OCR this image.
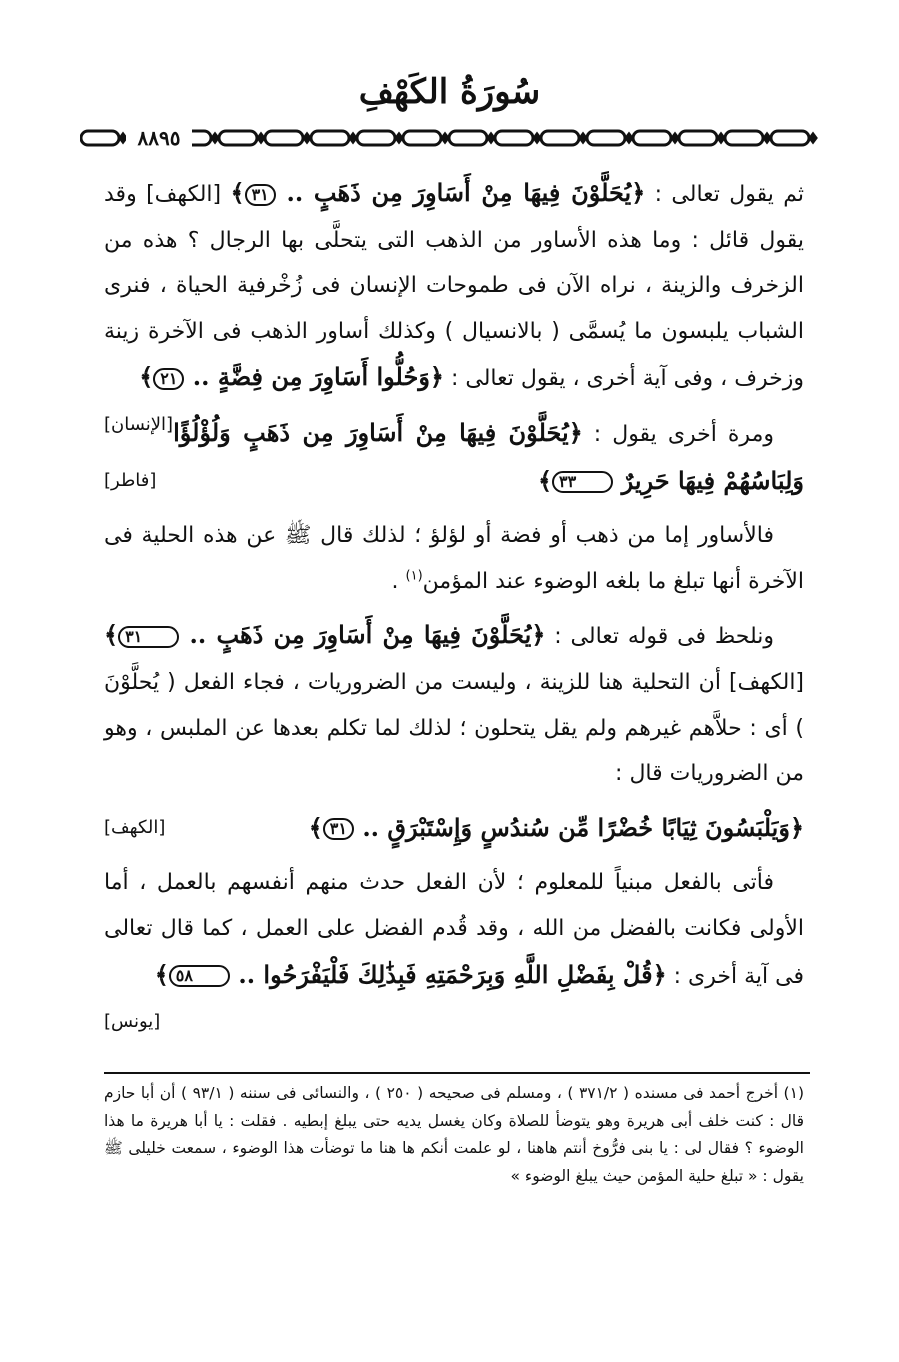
سُورَةُ الكَهْفِ
٨٨٩٥

ثم يقول تعالى : ﴿يُحَلَّوْنَ فِيهَا مِنْ أَسَاوِرَ مِن ذَهَبٍ .. ٣١﴾ [الكهف] وقد يقول قائل : وما هذه الأساور من الذهب التى يتحلَّى بها الرجال ؟ هذه من الزخرف والزينة ، نراه الآن فى طموحات الإنسان فى زُخْرفية الحياة ، فنرى الشباب يلبسون ما يُسمَّى ( بالانسيال ) وكذلك أساور الذهب فى الآخرة زينة وزخرف ، وفى آية أخرى ، يقول تعالى : ﴿وَحُلُّوا أَسَاوِرَ مِن فِضَّةٍ .. ٢١﴾
[الإنسان]	ومرة أخرى يقول : ﴿يُحَلَّوْنَ فِيهَا مِنْ أَسَاوِرَ مِن ذَهَبٍ وَلُؤْلُؤًا وَلِبَاسُهُمْ فِيهَا حَرِيرٌ ٣٣﴾
[فاطر]

فالأساور إما من ذهب أو فضة أو لؤلؤ ؛ لذلك قال ﷺ عن هذه الحلية فى الآخرة أنها تبلغ ما بلغه الوضوء عند المؤمن$^{(١)}$ .

ونلحظ فى قوله تعالى : ﴿يُحَلَّوْنَ فِيهَا مِنْ أَسَاوِرَ مِن ذَهَبٍ .. ٣١﴾ [الكهف] أن التحلية هنا للزينة ، وليست من الضروريات ، فجاء الفعل ( يُحلَّوْنَ ) أى : حلاَّهم غيرهم ولم يقل يتحلون ؛ لذلك لما تكلم بعدها عن الملبس ، وهو من الضروريات قال :

﴿وَيَلْبَسُونَ ثِيَابًا خُضْرًا مِّن سُندُسٍ وَإِسْتَبْرَقٍ .. ٣١﴾
[الكهف]

فأتى بالفعل مبنياً للمعلوم ؛ لأن الفعل حدث منهم أنفسهم بالعمل ، أما الأولى فكانت بالفضل من الله ، وقد قُدم الفضل على العمل ، كما قال تعالى فى آية أخرى : ﴿قُلْ بِفَضْلِ اللَّهِ وَبِرَحْمَتِهِ فَبِذَٰلِكَ فَلْيَفْرَحُوا .. ٥٨﴾
[يونس]

(١) أخرج أحمد فى مسنده ( ٣٧١/٢ ) ، ومسلم فى صحيحه ( ٢٥٠ ) ، والنسائى فى سننه ( ٩٣/١ ) أن أبا حازم قال : كنت خلف أبى هريرة وهو يتوضأ للصلاة وكان يغسل يديه حتى يبلغ إبطيه . فقلت : يا أبا هريرة ما هذا الوضوء ؟ فقال لى : يا بنى فرُّوخ أنتم هاهنا ، لو علمت أنكم ها هنا ما توضأت هذا الوضوء ، سمعت خليلى ﷺ يقول : « تبلغ حلية المؤمن حيث يبلغ الوضوء »
